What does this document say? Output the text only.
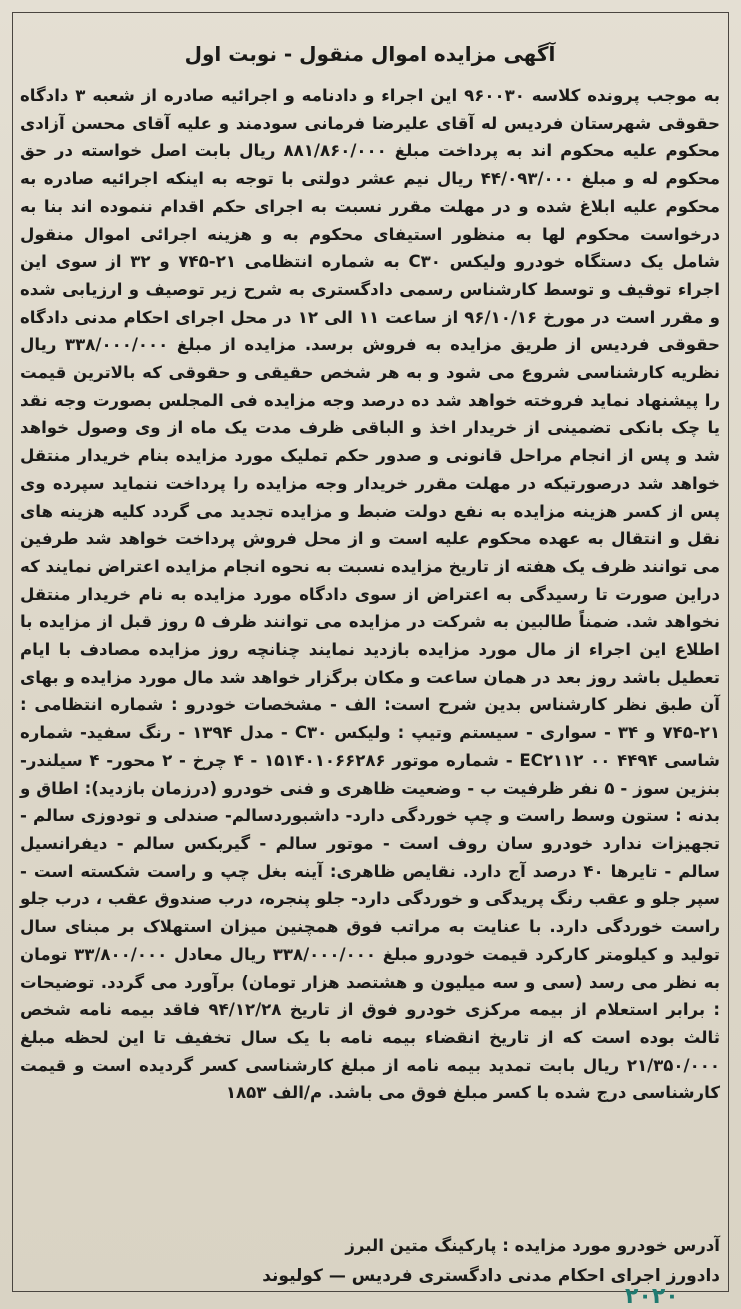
آگهی مزایده اموال منقول - نوبت اول

به موجب پرونده کلاسه ۹۶۰۰۳۰ این اجراء و دادنامه و اجرائیه صادره از شعبه ۳ دادگاه حقوقی شهرستان فردیس له آقای علیرضا فرمانی سودمند و علیه آقای محسن آزادی محکوم علیه محکوم اند به پرداخت مبلغ ۸۸۱/۸۶۰/۰۰۰ ریال بابت اصل خواسته در حق محکوم له و مبلغ ۴۴/۰۹۳/۰۰۰ ریال نیم عشر دولتی با توجه به اینکه اجرائیه صادره به محکوم علیه ابلاغ شده و در مهلت مقرر نسبت به اجرای حکم اقدام ننموده اند بنا به درخواست محکوم لها به منظور استیفای محکوم به و هزینه اجرائی اموال منقول شامل یک دستگاه خودرو ولیکس C۳۰ به شماره انتظامی ۲۱-۷۴۵ و ۳۲ از سوی این اجراء توقیف و توسط کارشناس رسمی دادگستری به شرح زیر توصیف و ارزیابی شده و مقرر است در مورخ ۹۶/۱۰/۱۶ از ساعت ۱۱ الی ۱۲ در محل اجرای احکام مدنی دادگاه حقوقی فردیس از طریق مزایده به فروش برسد. مزایده از مبلغ ۳۳۸/۰۰۰/۰۰۰ ریال نظریه کارشناسی شروع می شود و به هر شخص حقیقی و حقوقی که بالاترین قیمت را پیشنهاد نماید فروخته خواهد شد ده درصد وجه مزایده فی المجلس بصورت وجه نقد یا چک بانکی تضمینی از خریدار اخذ و الباقی ظرف مدت یک ماه از وی وصول خواهد شد و پس از انجام مراحل قانونی و صدور حکم تملیک مورد مزایده بنام خریدار منتقل خواهد شد درصورتیکه در مهلت مقرر خریدار وجه مزایده را پرداخت ننماید سپرده وی پس از کسر هزینه مزایده به نفع دولت ضبط و مزایده تجدید می گردد کلیه هزینه های نقل و انتقال به عهده محکوم علیه است و از محل فروش پرداخت خواهد شد طرفین می توانند ظرف یک هفته از تاریخ مزایده نسبت به نحوه انجام مزایده اعتراض نمایند که دراین صورت تا رسیدگی به اعتراض از سوی دادگاه مورد مزایده به نام خریدار منتقل نخواهد شد. ضمناً طالبین به شرکت در مزایده می توانند ظرف ۵ روز قبل از مزایده با اطلاع این اجراء از مال مورد مزایده بازدید نمایند چنانچه روز مزایده مصادف با ایام تعطیل باشد روز بعد در همان ساعت و مکان برگزار خواهد شد مال مورد مزایده و بهای آن طبق نظر کارشناس بدین شرح است: الف - مشخصات خودرو : شماره انتظامی : ۲۱-۷۴۵ و ۳۴ - سواری - سیستم وتیپ : ولیکس C۳۰ - مدل ۱۳۹۴ - رنگ سفید- شماره شاسی ۴۴۹۴ EC۲۱۱۲ ۰۰ - شماره موتور ۱۵۱۴۰۱۰۶۶۲۸۶ - ۴ چرخ - ۲ محور- ۴ سیلندر- بنزین سوز - ۵ نفر ظرفیت ب - وضعیت ظاهری و فنی خودرو (درزمان بازدید): اطاق و بدنه : ستون وسط راست و چپ خوردگی دارد- داشبوردسالم- صندلی و تودوزی سالم - تجهیزات ندارد خودرو سان روف است - موتور سالم - گیربکس سالم - دیفرانسیل سالم - تایرها ۴۰ درصد آج دارد. نقایص ظاهری: آینه بغل چپ و راست شکسته است - سپر جلو و عقب رنگ پریدگی و خوردگی دارد- جلو پنجره، درب صندوق عقب ، درب جلو راست خوردگی دارد. با عنایت به مراتب فوق همچنین میزان استهلاک بر مبنای سال تولید و کیلومتر کارکرد قیمت خودرو مبلغ ۳۳۸/۰۰۰/۰۰۰ ریال معادل ۳۳/۸۰۰/۰۰۰ تومان به نظر می رسد (سی و سه میلیون و هشتصد هزار تومان) برآورد می گردد. توضیحات : برابر استعلام از بیمه مرکزی خودرو فوق از تاریخ ۹۴/۱۲/۲۸ فاقد بیمه نامه شخص ثالث بوده است که از تاریخ انقضاء بیمه نامه با یک سال تخفیف تا این لحظه مبلغ ۲۱/۳۵۰/۰۰۰ ریال بابت تمدید بیمه نامه از مبلغ کارشناسی کسر گردیده است و قیمت کارشناسی درج شده با کسر مبلغ فوق می باشد. م/الف ۱۸۵۳

آدرس خودرو مورد مزایده : پارکینگ متین البرز
دادورز اجرای احکام مدنی دادگستری فردیس — کولیوند
۲۰۲۰
